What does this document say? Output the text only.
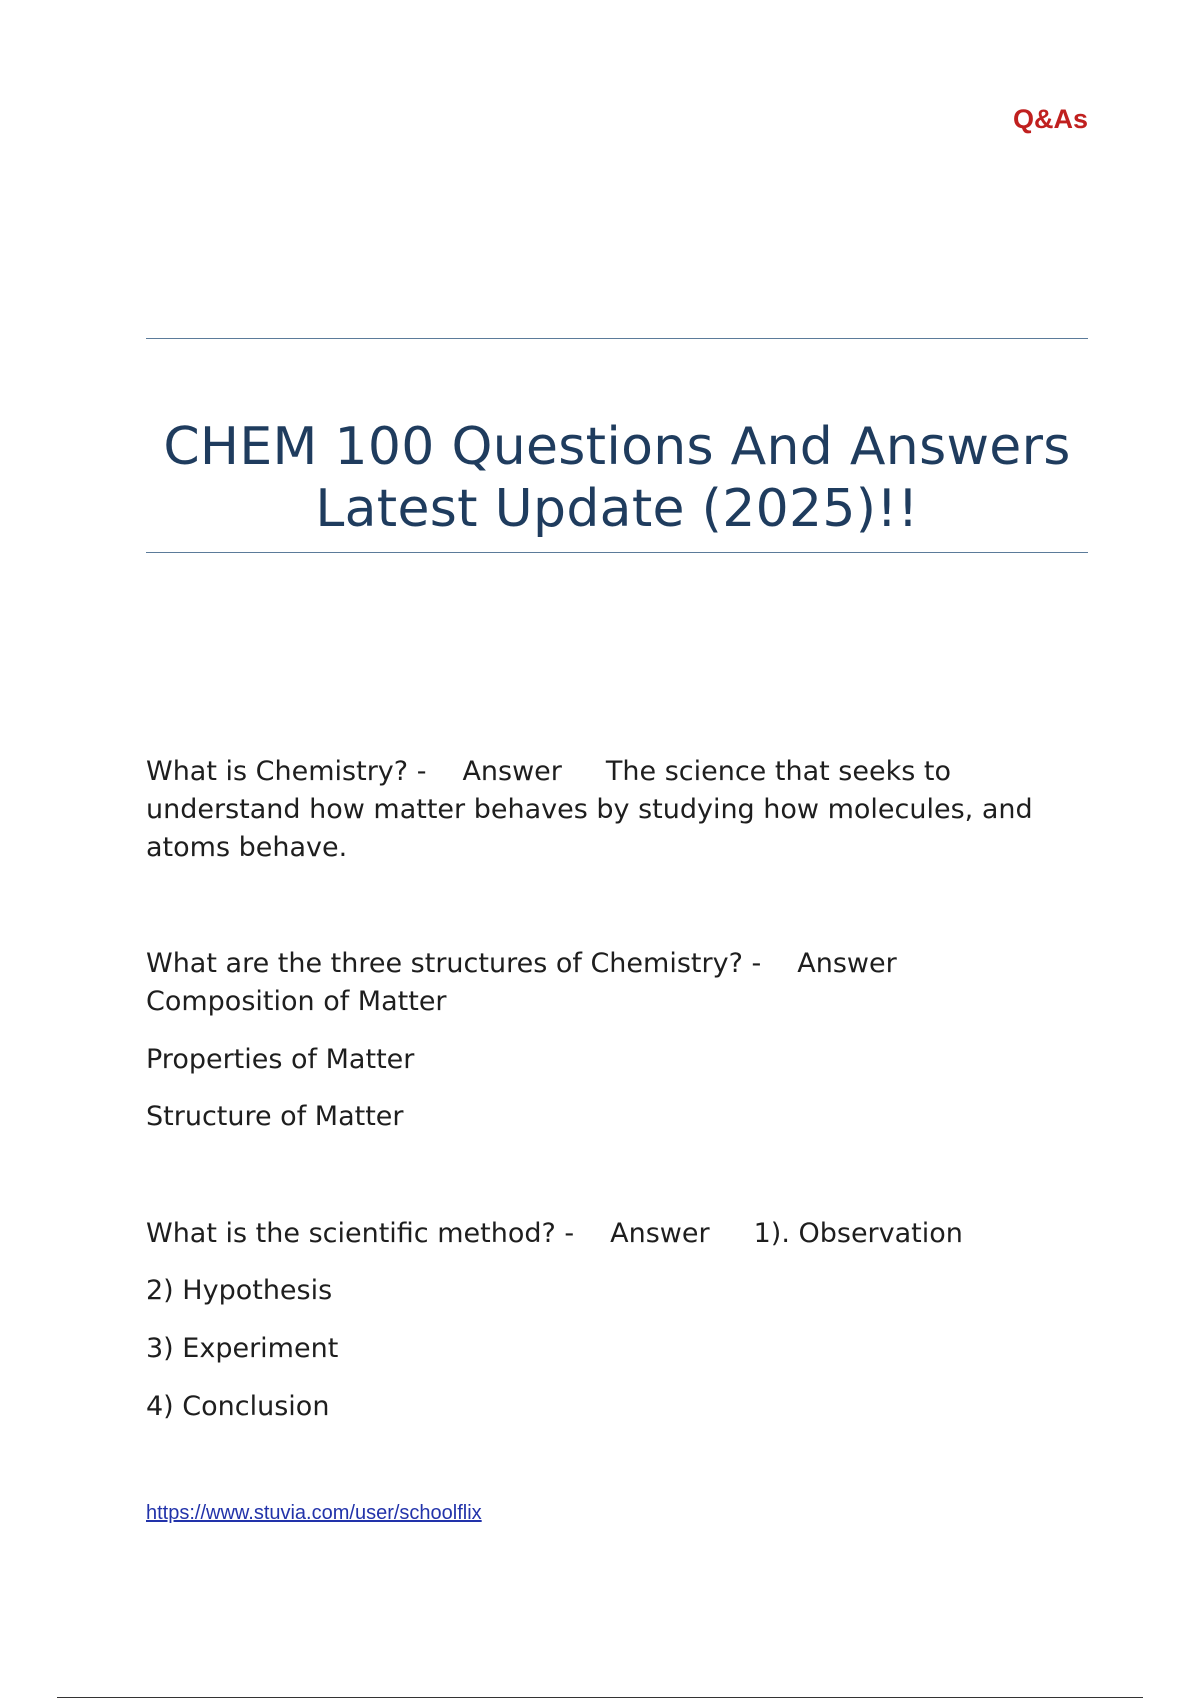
Q&As
CHEM 100 Questions And Answers
Latest Update (2025)!!
What is Chemistry? - Answer The science that seeks to
understand how matter behaves by studying how molecules, and
atoms behave.
What are the three structures of Chemistry? - Answer
Composition of Matter
Properties of Matter
Structure of Matter
What is the scientific method? - Answer 1). Observation
2) Hypothesis
3) Experiment
4) Conclusion
https://www.stuvia.com/user/schoolflix
